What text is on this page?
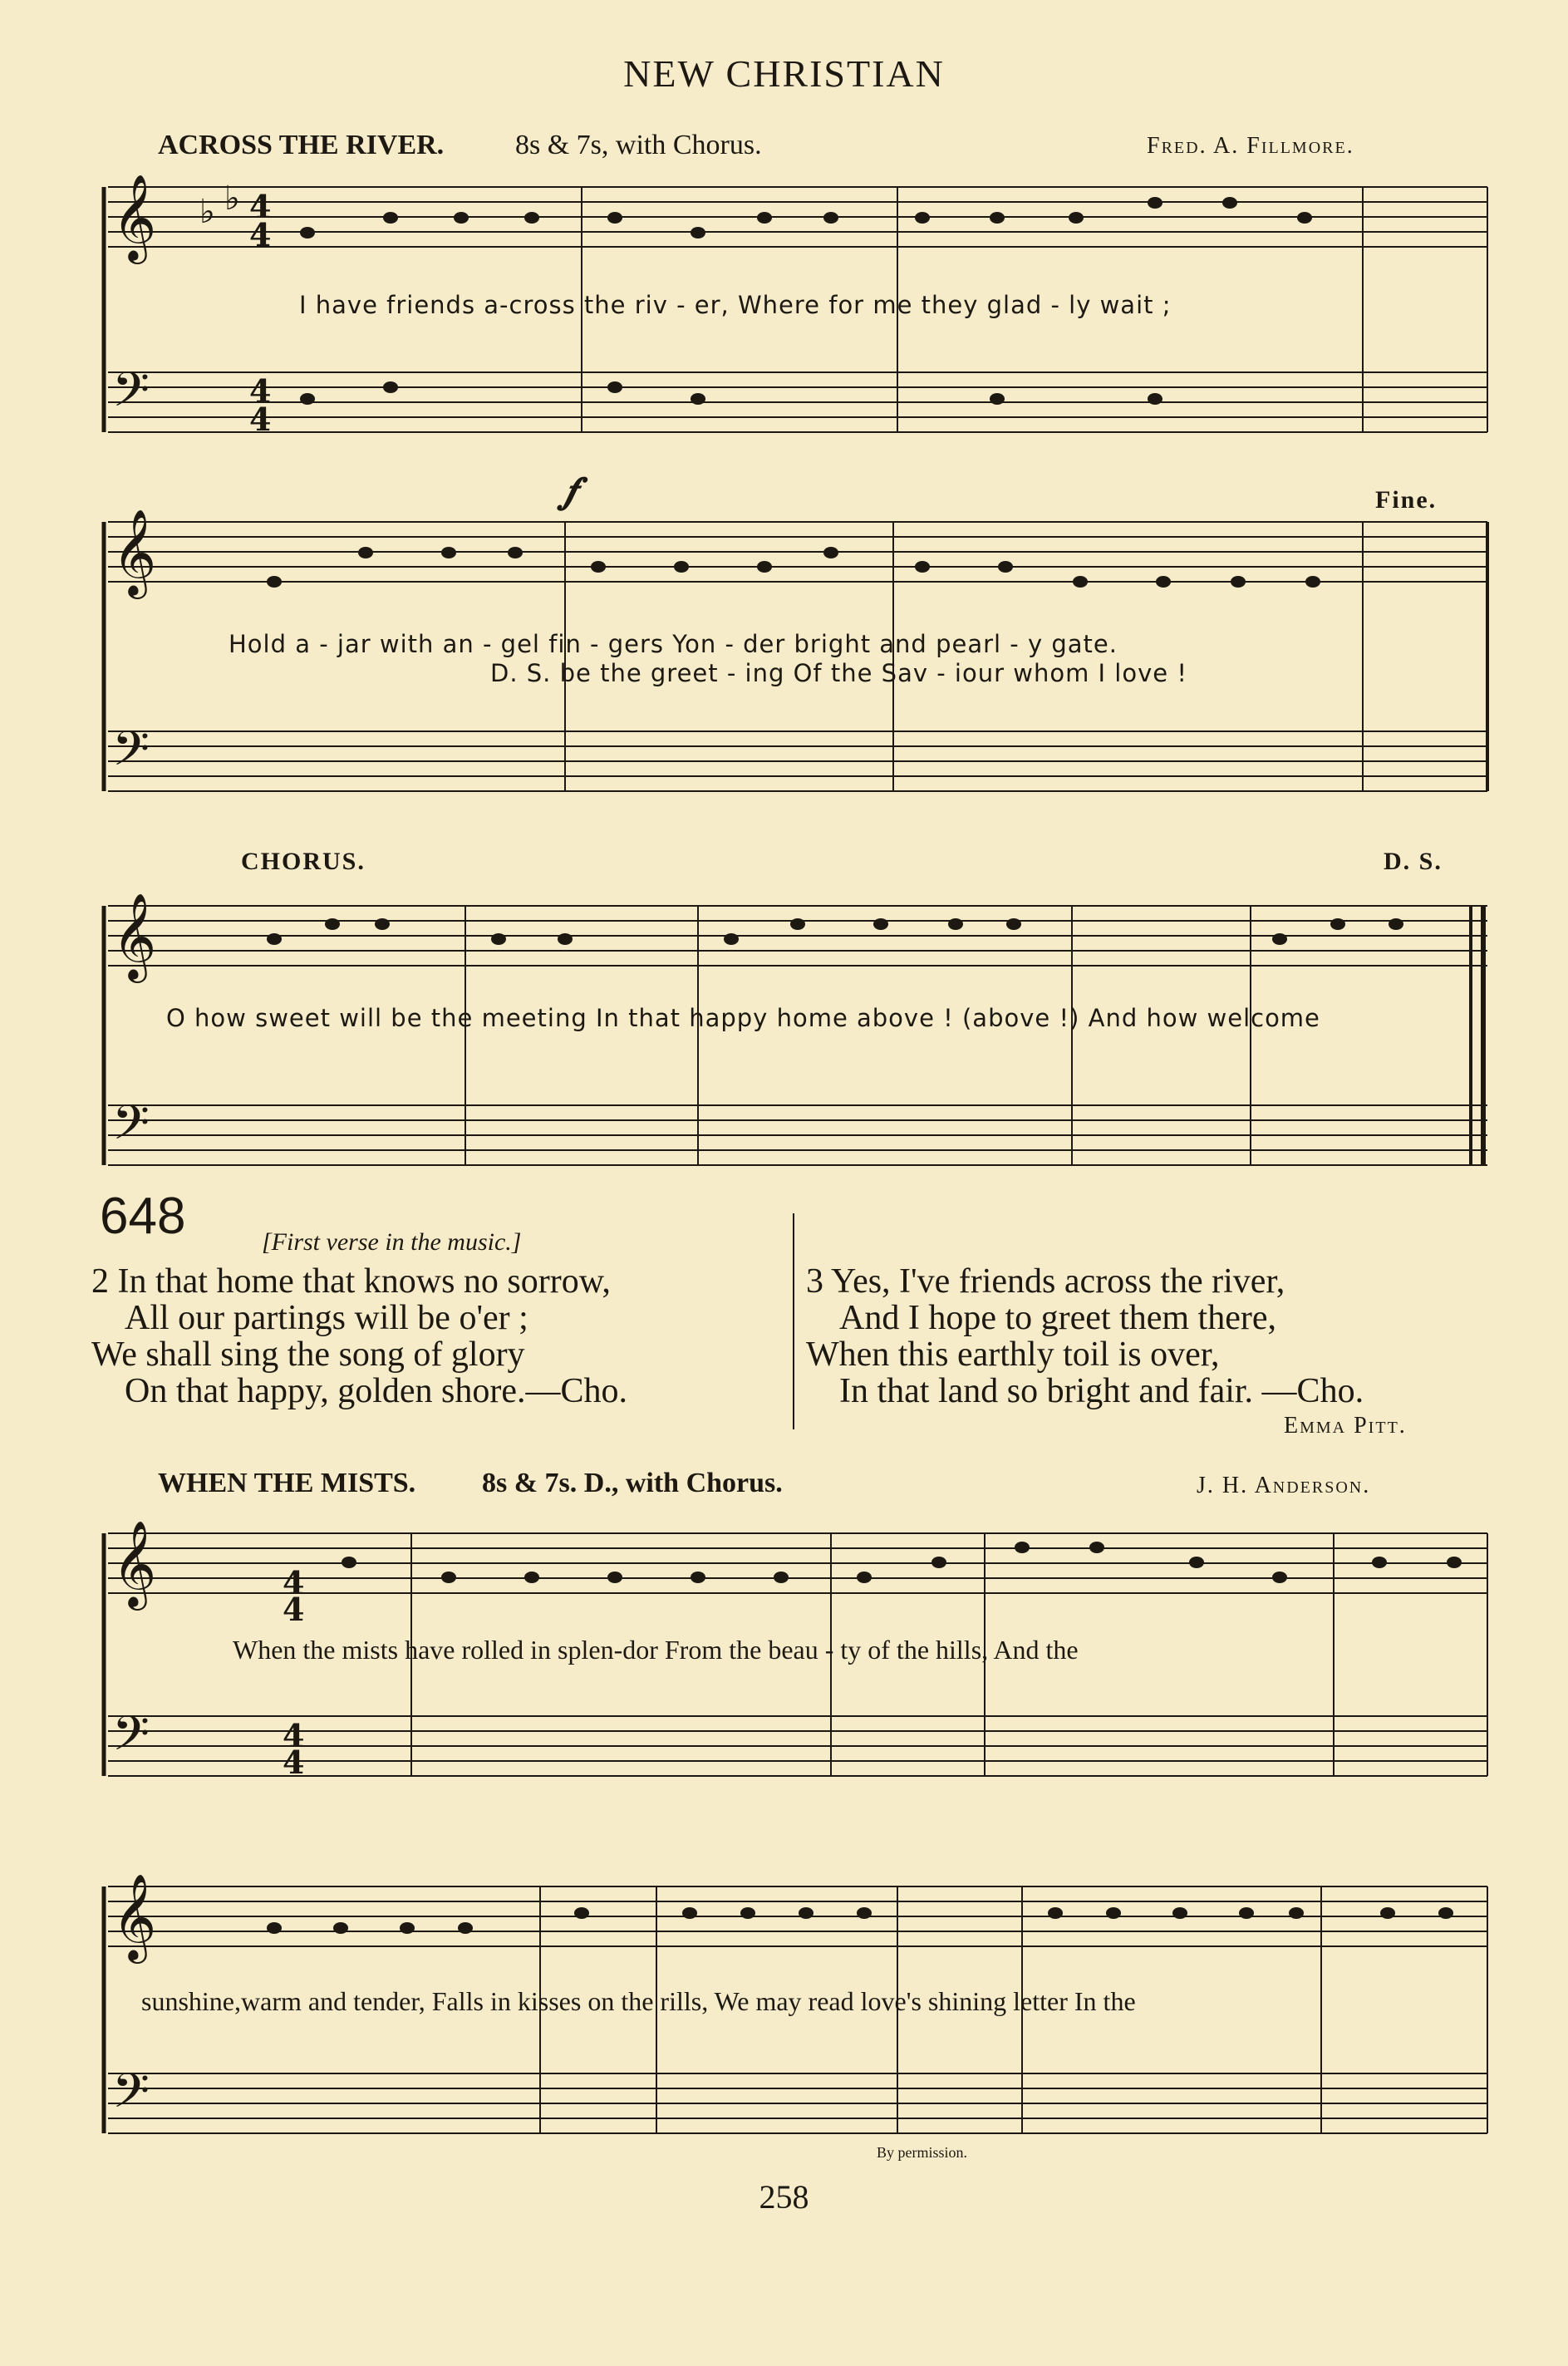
NEW CHRISTIAN
ACROSS THE RIVER.	8s & 7s, with Chorus.	Fred. A. Fillmore.
𝄞
𝄢
𝄞
𝄢
𝄞
𝄢
𝄞
𝄢
𝄞
𝄢
♭ ♭ 4
4
4
4
4
4
4
4
I have friends a-cross the riv - er, Where for me they glad - ly wait ;
𝆑	Fine.
Hold a - jar with an - gel fin - gers Yon - der bright and pearl - y gate.
D. S. be the greet - ing Of the Sav - iour whom I love !
CHORUS.	D. S.
O how sweet will be the meeting In that happy home above ! (above !) And how welcome
648	[First verse in the music.]
2 In that home that knows no sorrow,
All our partings will be o'er ;
We shall sing the song of glory
On that happy, golden shore.—Cho.
3 Yes, I've friends across the river,
And I hope to greet them there,
When this earthly toil is over,
In that land so bright and fair. —Cho.
Emma Pitt.
WHEN THE MISTS. 8s & 7s. D., with Chorus.	J. H. Anderson.
When the mists have rolled in splen-dor From the beau - ty of the hills, And the
sunshine,warm and tender, Falls in kisses on the rills, We may read love's shining letter In the
By permission.
258
